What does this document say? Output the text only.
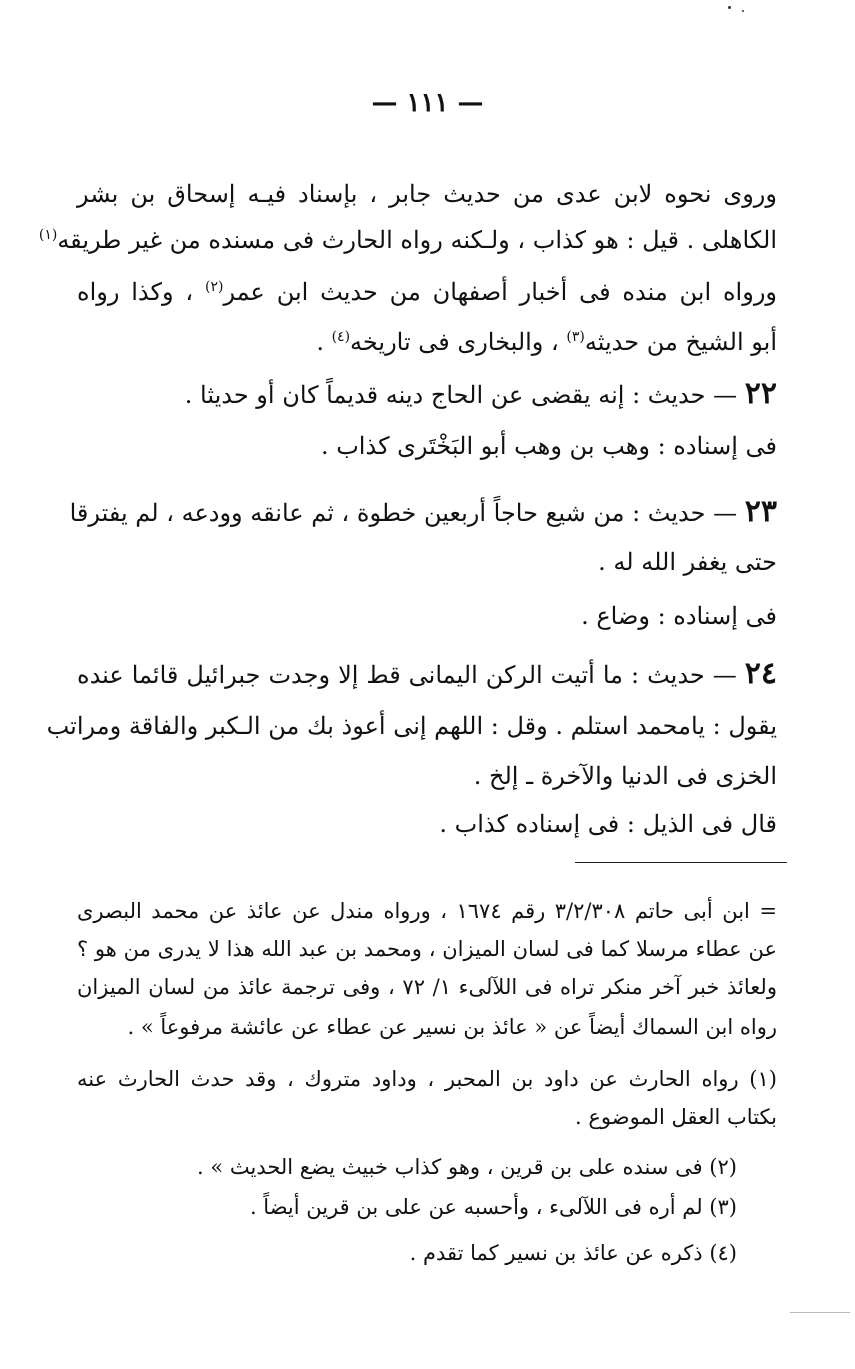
— ١١١ —
وروى نحوه لابن عدى من حديث جابر ، بإسناد فيـه إسحاق بن بشر
الكاهلى . قيل : هو كذاب ، ولـكنه رواه الحارث فى مسنده من غير طريقه$^{(١)}$
ورواه ابن منده فى أخبار أصفهان من حديث ابن عمر$^{(٢)}$ ، وكذا رواه
أبو الشيخ من حديثه$^{(٣)}$ ، والبخارى فى تاريخه$^{(٤)}$ .
٢٢ — حديث : إنه يقضى عن الحاج دينه قديماً كان أو حديثا .
فى إسناده : وهب بن وهب أبو البَخْتَرى كذاب .
٢٣ — حديث : من شيع حاجاً أربعين خطوة ، ثم عانقه وودعه ، لم يفترقا
حتى يغفر الله له .
فى إسناده : وضاع .
٢٤ — حديث : ما أتيت الركن اليمانى قط إلا وجدت جبرائيل قائما عنده
يقول : يامحمد استلم . وقل : اللهم إنى أعوذ بك من الـكبر والفاقة ومراتب
الخزى فى الدنيا والآخرة ـ إلخ .
قال فى الذيل : فى إسناده كذاب .
= ابن أبى حاتم ٣/٢/٣٠٨ رقم ١٦٧٤ ، ورواه مندل عن عائذ عن محمد البصرى
عن عطاء مرسلا كما فى لسان الميزان ، ومحمد بن عبد الله هذا لا يدرى من هو ؟
ولعائذ خبر آخر منكر تراه فى اللآلىء ١/ ٧٢ ، وفى ترجمة عائذ من لسان الميزان
رواه ابن السماك أيضاً عن « عائذ بن نسير عن عطاء عن عائشة مرفوعاً » .
(١) رواه الحارث عن داود بن المحبر ، وداود متروك ، وقد حدث الحارث عنه
بكتاب العقل الموضوع .
(٢) فى سنده على بن قرين ، وهو كذاب خبيث يضع الحديث » .
(٣) لم أره فى اللآلىء ، وأحسبه عن على بن قرين أيضاً .
(٤) ذكره عن عائذ بن نسير كما تقدم .
